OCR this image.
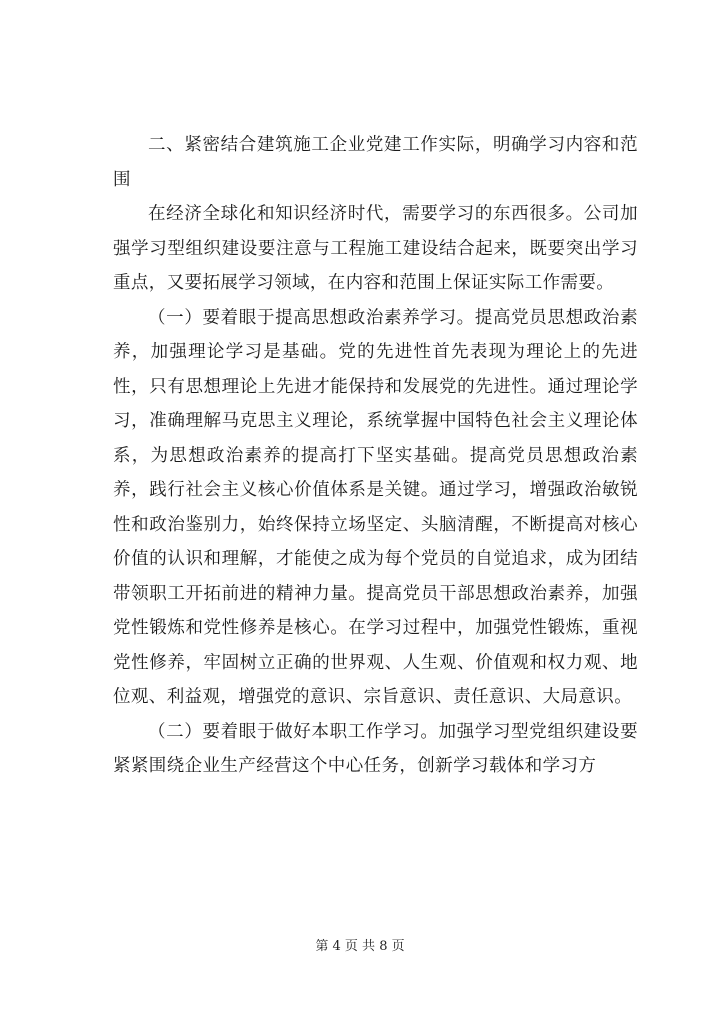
二、紧密结合建筑施工企业党建工作实际，明确学习内容和范围

在经济全球化和知识经济时代，需要学习的东西很多。公司加强学习型组织建设要注意与工程施工建设结合起来，既要突出学习重点，又要拓展学习领域，在内容和范围上保证实际工作需要。

（一）要着眼于提高思想政治素养学习。提高党员思想政治素养，加强理论学习是基础。党的先进性首先表现为理论上的先进性，只有思想理论上先进才能保持和发展党的先进性。通过理论学习，准确理解马克思主义理论，系统掌握中国特色社会主义理论体系，为思想政治素养的提高打下坚实基础。提高党员思想政治素养，践行社会主义核心价值体系是关键。通过学习，增强政治敏锐性和政治鉴别力，始终保持立场坚定、头脑清醒，不断提高对核心价值的认识和理解，才能使之成为每个党员的自觉追求，成为团结带领职工开拓前进的精神力量。提高党员干部思想政治素养，加强党性锻炼和党性修养是核心。在学习过程中，加强党性锻炼，重视党性修养，牢固树立正确的世界观、人生观、价值观和权力观、地位观、利益观，增强党的意识、宗旨意识、责任意识、大局意识。

（二）要着眼于做好本职工作学习。加强学习型党组织建设要紧紧围绕企业生产经营这个中心任务，创新学习载体和学习方

第 4 页 共 8 页
